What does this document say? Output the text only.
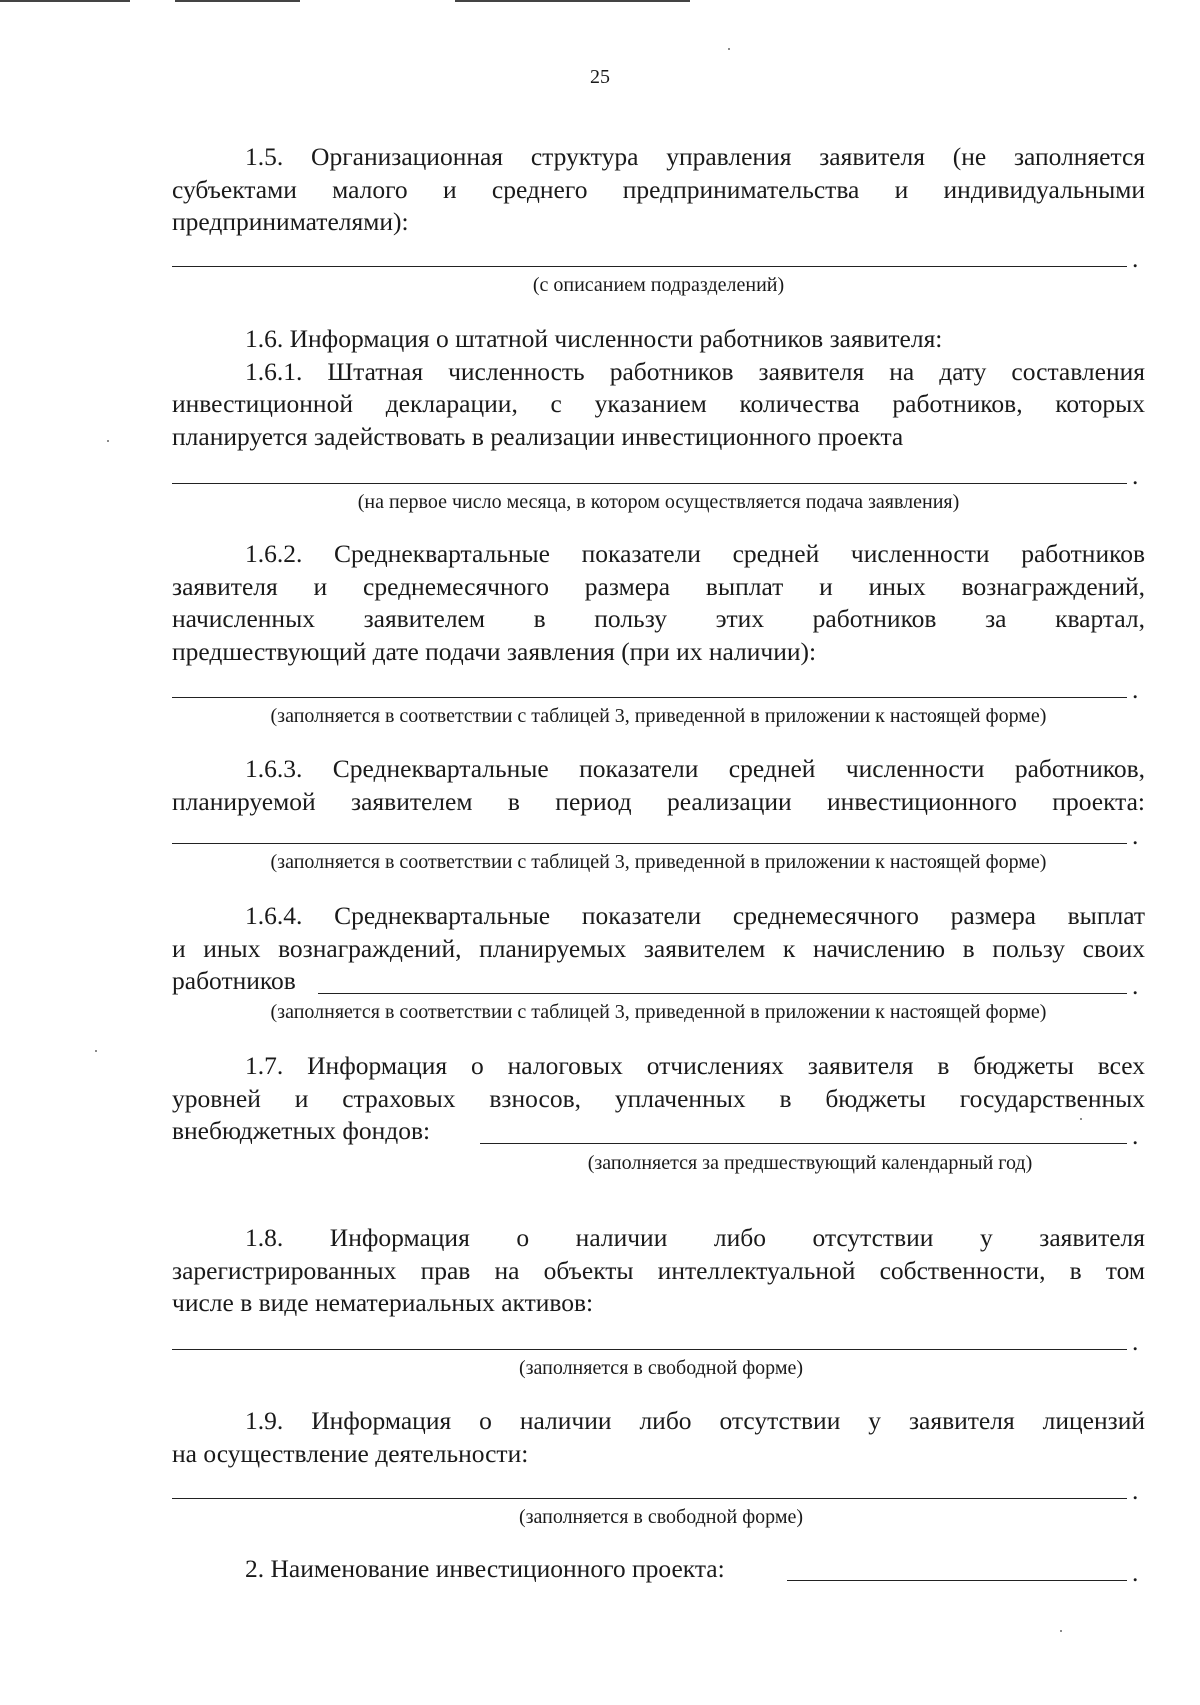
25

1.5. Организационная структура управления заявителя (не заполняется

субъектами малого и среднего предпринимательства и индивидуальными

предпринимателями):

.
(с описанием подразделений)

1.6. Информация о штатной численности работников заявителя:

1.6.1. Штатная численность работников заявителя на дату составления

инвестиционной декларации, с указанием количества работников, которых

планируется задействовать в реализации инвестиционного проекта

.
(на первое число месяца, в котором осуществляется подача заявления)

1.6.2. Среднеквартальные показатели средней численности работников

заявителя и среднемесячного размера выплат и иных вознаграждений,

начисленных заявителем в пользу этих работников за квартал,

предшествующий дате подачи заявления (при их наличии):

.
(заполняется в соответствии с таблицей 3, приведенной в приложении к настоящей форме)

1.6.3. Среднеквартальные показатели средней численности работников,

планируемой заявителем в период реализации инвестиционного проекта:

.
(заполняется в соответствии с таблицей 3, приведенной в приложении к настоящей форме)

1.6.4. Среднеквартальные показатели среднемесячного размера выплат

и иных вознаграждений, планируемых заявителем к начислению в пользу своих

работников	.
(заполняется в соответствии с таблицей 3, приведенной в приложении к настоящей форме)

1.7. Информация о налоговых отчислениях заявителя в бюджеты всех

уровней и страховых взносов, уплаченных в бюджеты государственных

внебюджетных фондов:	.
(заполняется за предшествующий календарный год)

1.8. Информация о наличии либо отсутствии у заявителя

зарегистрированных прав на объекты интеллектуальной собственности, в том

числе в виде нематериальных активов:

.
(заполняется в свободной форме)

1.9. Информация о наличии либо отсутствии у заявителя лицензий

на осуществление деятельности:

.
(заполняется в свободной форме)
2. Наименование инвестиционного проекта:	.
